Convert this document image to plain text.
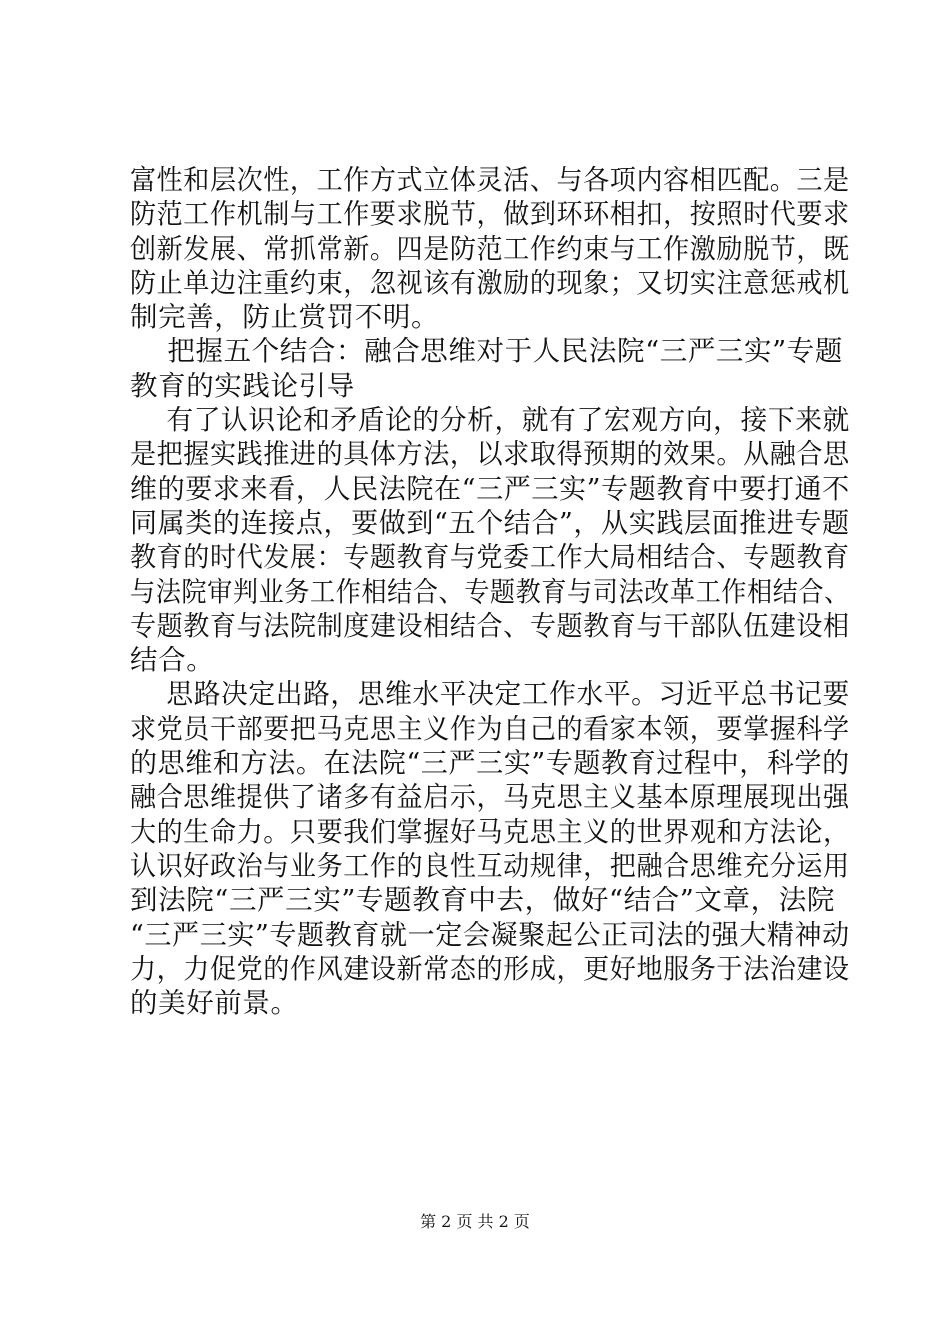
富性和层次性，工作方式立体灵活、与各项内容相匹配。三是
防范工作机制与工作要求脱节，做到环环相扣，按照时代要求
创新发展、常抓常新。四是防范工作约束与工作激励脱节，既
防止单边注重约束，忽视该有激励的现象；又切实注意惩戒机
制完善，防止赏罚不明。
把握五个结合：融合思维对于人民法院“三严三实”专题
教育的实践论引导
有了认识论和矛盾论的分析，就有了宏观方向，接下来就
是把握实践推进的具体方法，以求取得预期的效果。从融合思
维的要求来看，人民法院在“三严三实”专题教育中要打通不
同属类的连接点，要做到“五个结合”，从实践层面推进专题
教育的时代发展：专题教育与党委工作大局相结合、专题教育
与法院审判业务工作相结合、专题教育与司法改革工作相结合、
专题教育与法院制度建设相结合、专题教育与干部队伍建设相
结合。
思路决定出路，思维水平决定工作水平。习近平总书记要
求党员干部要把马克思主义作为自己的看家本领，要掌握科学
的思维和方法。在法院“三严三实”专题教育过程中，科学的
融合思维提供了诸多有益启示，马克思主义基本原理展现出强
大的生命力。只要我们掌握好马克思主义的世界观和方法论，
认识好政治与业务工作的良性互动规律，把融合思维充分运用
到法院“三严三实”专题教育中去，做好“结合”文章，法院
“三严三实”专题教育就一定会凝聚起公正司法的强大精神动
力，力促党的作风建设新常态的形成，更好地服务于法治建设
的美好前景。
第 2 页 共 2 页
